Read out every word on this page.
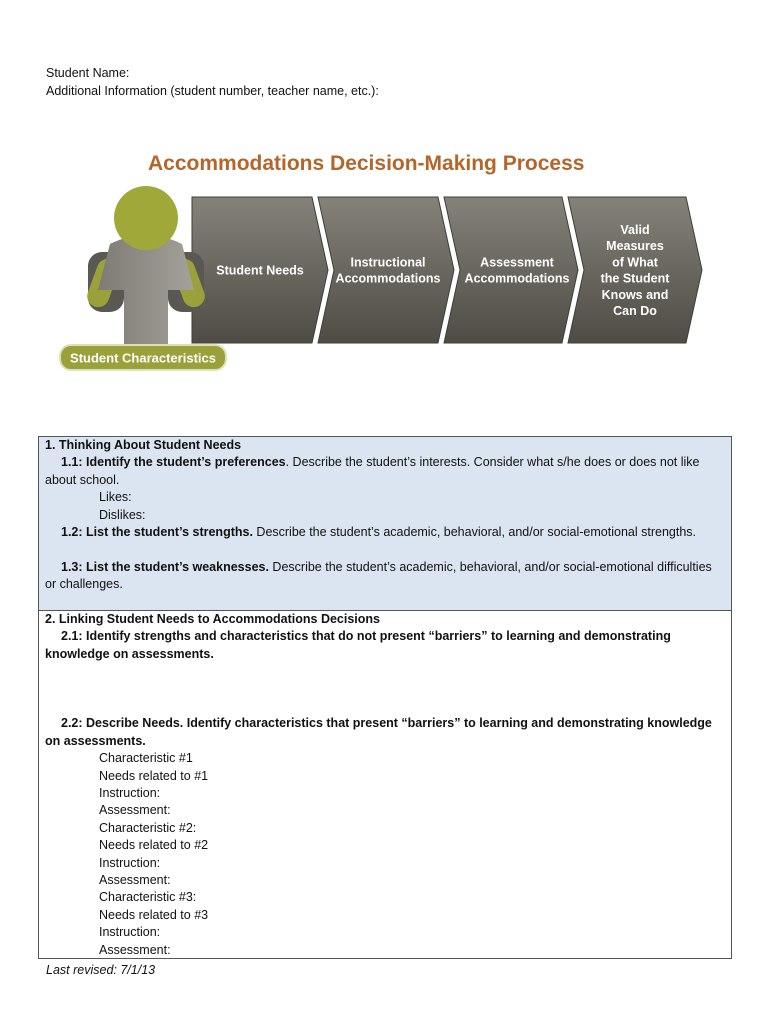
Student Name:
Additional Information (student number, teacher name, etc.):
Accommodations Decision-Making Process
Student Characteristics
Student Needs
Instructional
Accommodations
Assessment
Accommodations
Valid
Measures
of What
the Student
Knows and
Can Do
1. Thinking About Student Needs
1.1: Identify the student’s preferences. Describe the student’s interests. Consider what s/he does or does not like about school.
Likes:
Dislikes:
1.2: List the student’s strengths. Describe the student’s academic, behavioral, and/or social-emotional strengths.
1.3: List the student’s weaknesses. Describe the student’s academic, behavioral, and/or social-emotional difficulties or challenges.
2. Linking Student Needs to Accommodations Decisions
2.1: Identify strengths and characteristics that do not present “barriers” to learning and demonstrating knowledge on assessments.
2.2: Describe Needs. Identify characteristics that present “barriers” to learning and demonstrating knowledge on assessments.
Characteristic #1
Needs related to #1
Instruction:
Assessment:
Characteristic #2:
Needs related to #2
Instruction:
Assessment:
Characteristic #3:
Needs related to #3
Instruction:
Assessment:
Last revised: 7/1/13
